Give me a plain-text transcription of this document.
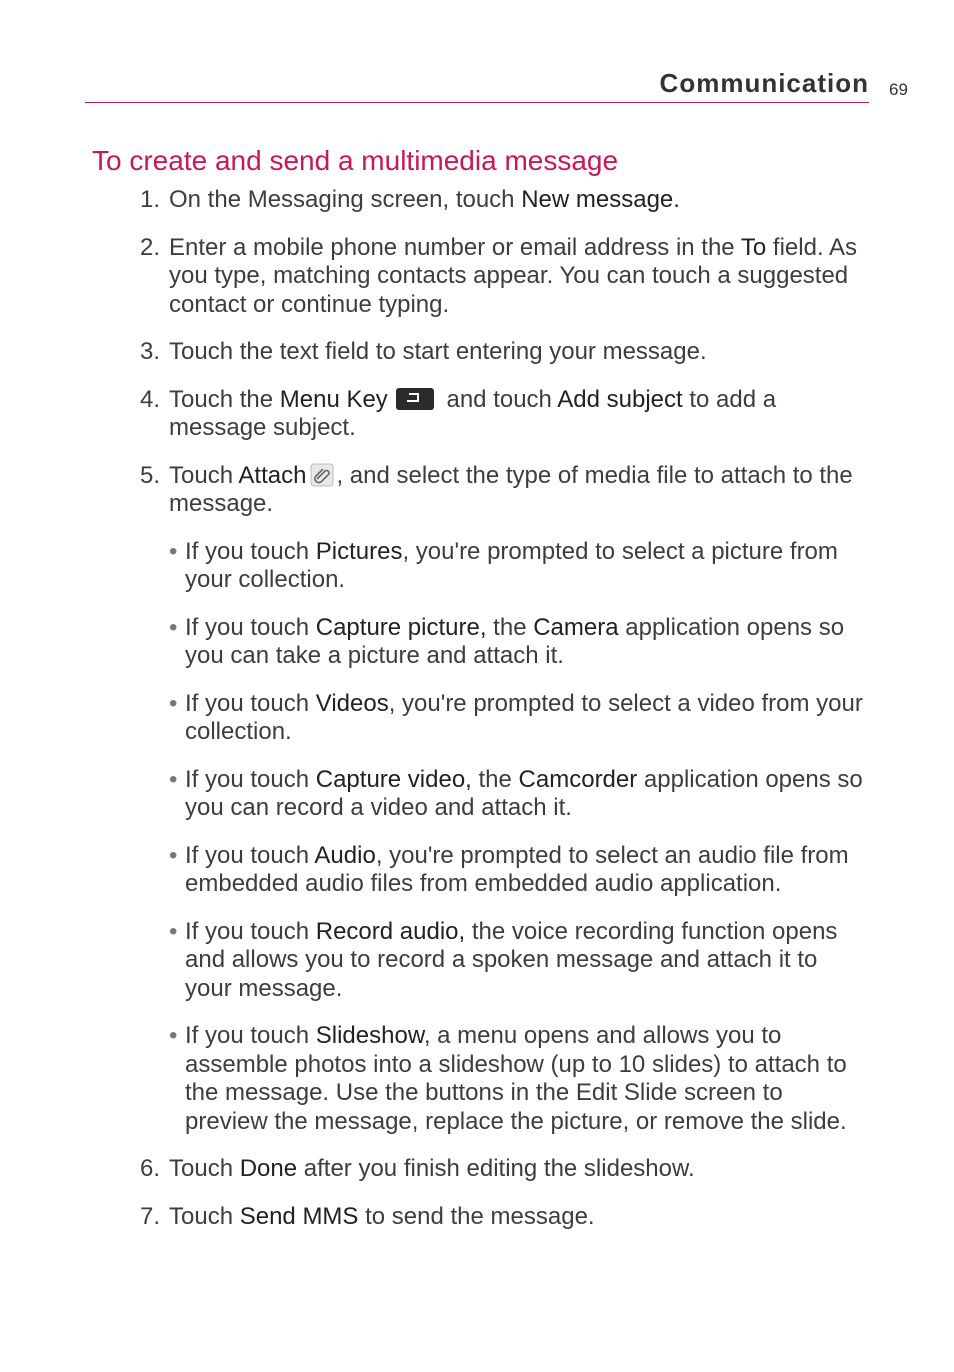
Communication 69
To create and send a multimedia message

1. On the Messaging screen, touch New message.

2. Enter a mobile phone number or email address in the To field. As you type, matching contacts appear. You can touch a suggested contact or continue typing.

3. Touch the text field to start entering your message.

4. Touch the Menu Key and touch Add subject to add a message subject.

5. Touch Attach , and select the type of media file to attach to the message.

• If you touch Pictures, you're prompted to select a picture from your collection.

• If you touch Capture picture, the Camera application opens so you can take a picture and attach it.

• If you touch Videos, you're prompted to select a video from your collection.

• If you touch Capture video, the Camcorder application opens so you can record a video and attach it.

• If you touch Audio, you're prompted to select an audio file from embedded audio files from embedded audio application.

• If you touch Record audio, the voice recording function opens and allows you to record a spoken message and attach it to your message.

• If you touch Slideshow, a menu opens and allows you to assemble photos into a slideshow (up to 10 slides) to attach to the message. Use the buttons in the Edit Slide screen to preview the message, replace the picture, or remove the slide.

6. Touch Done after you finish editing the slideshow.

7. Touch Send MMS to send the message.
